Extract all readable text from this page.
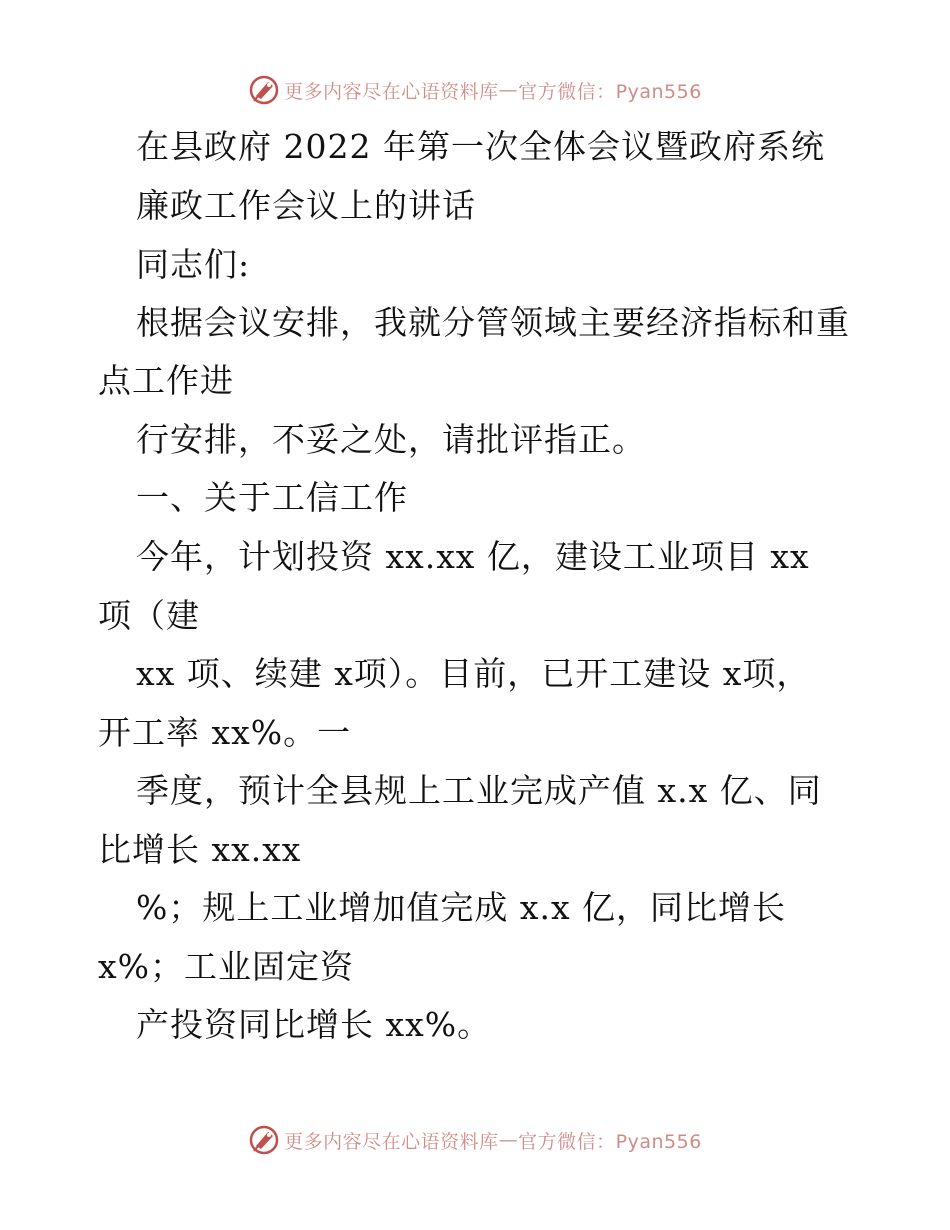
更多内容尽在心语资料库 — 官方微信：Pyan556
在县政府 2022 年第一次全体会议暨政府系统
廉政工作会议上的讲话
同志们:
根据会议安排，我就分管领域主要经济指标和重
点工作进
行安排，不妥之处，请批评指正。
一、关于工信工作
今年，计划投资 xx.xx 亿，建设工业项目 xx
项（建
xx 项、续建 x项）。目前，已开工建设 x项，
开工率 xx%。一
季度，预计全县规上工业完成产值 x.x 亿、同
比增长 xx.xx
%；规上工业增加值完成 x.x 亿，同比增长
x%；工业固定资
产投资同比增长 xx%。
更多内容尽在心语资料库 — 官方微信：Pyan556
